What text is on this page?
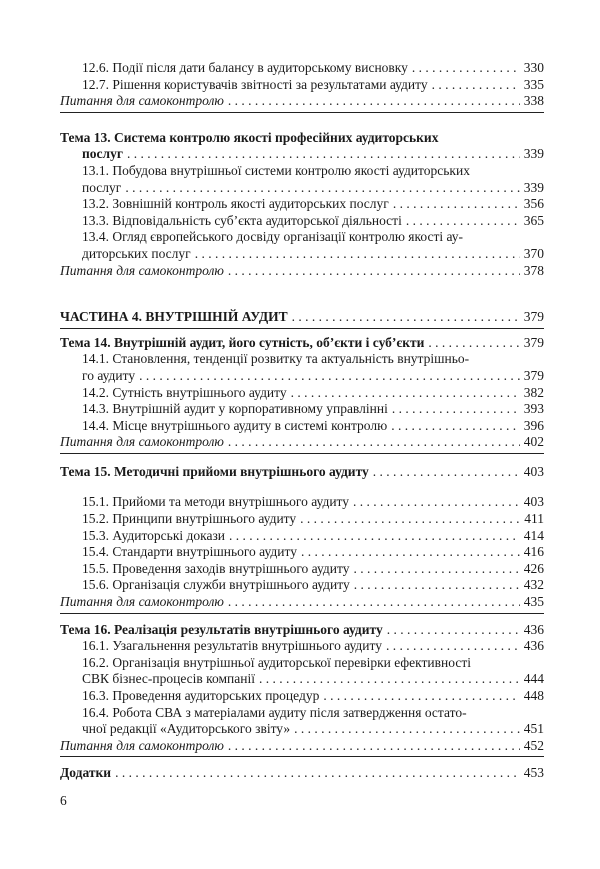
12.6. Події після дати балансу в аудиторському висновку . . .	330
12.7. Рішення користувачів звітності за результатами аудиту . . .	335
Питання для самоконтролю . . .	338
Тема 13. Система контролю якості професійних аудиторських
послуг . . .	339
13.1. Побудова внутрішньої системи контролю якості аудиторських
послуг . . .	339
13.2. Зовнішній контроль якості аудиторських послуг . . .	356
13.3. Відповідальність суб’єкта аудиторської діяльності . . .	365
13.4. Огляд європейського досвіду організації контролю якості ау-
диторських послуг . . .	370
Питання для самоконтролю . . .	378
ЧАСТИНА 4. ВНУТРІШНІЙ АУДИТ . . .	379
Тема 14. Внутрішній аудит, його сутність, об’єкти і суб’єкти . . .	379
14.1. Становлення, тенденції розвитку та актуальність внутрішньо-
го аудиту . . .	379
14.2. Сутність внутрішнього аудиту . . .	382
14.3. Внутрішній аудит у корпоративному управлінні . . .	393
14.4. Місце внутрішнього аудиту в системі контролю . . .	396
Питання для самоконтролю . . .	402
Тема 15. Методичні прийоми внутрішнього аудиту . . .	403
15.1. Прийоми та методи внутрішнього аудиту . . .	403
15.2. Принципи внутрішнього аудиту . . .	411
15.3. Аудиторські докази . . .	414
15.4. Стандарти внутрішнього аудиту . . .	416
15.5. Проведення заходів внутрішнього аудиту . . .	426
15.6. Організація служби внутрішнього аудиту . . .	432
Питання для самоконтролю . . .	435
Тема 16. Реалізація результатів внутрішнього аудиту . . .	436
16.1. Узагальнення результатів внутрішнього аудиту . . .	436
16.2. Організація внутрішньої аудиторської перевірки ефективності
СВК бізнес-процесів компанії . . .	444
16.3. Проведення аудиторських процедур . . .	448
16.4. Робота СВА з матеріалами аудиту після затвердження остато-
чної редакції «Аудиторського звіту» . . .	451
Питання для самоконтролю . . .	452
Додатки . . .	453
6
